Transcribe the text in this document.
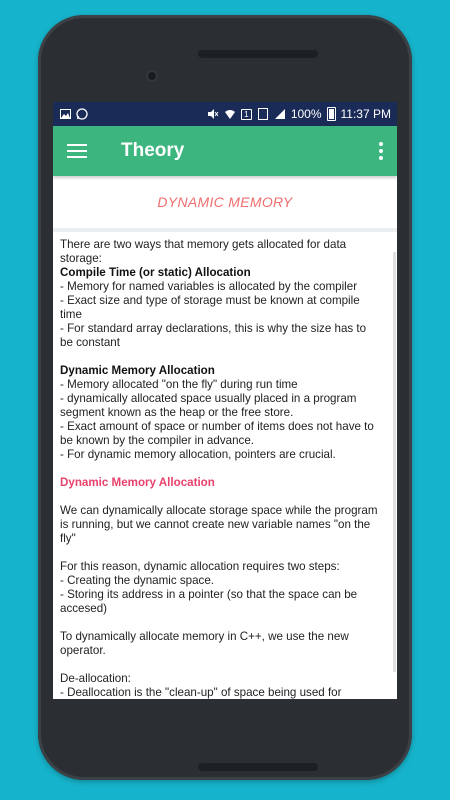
1	100% 11:37 PM
Theory
DYNAMIC MEMORY

There are two ways that memory gets allocated for data storage:

Compile Time (or static) Allocation

- Memory for named variables is allocated by the compiler

- Exact size and type of storage must be known at compile time

- For standard array declarations, this is why the size has to be constant

Dynamic Memory Allocation

- Memory allocated "on the fly" during run time

- dynamically allocated space usually placed in a program segment known as the heap or the free store.

- Exact amount of space or number of items does not have to be known by the compiler in advance.

- For dynamic memory allocation, pointers are crucial.

Dynamic Memory Allocation

We can dynamically allocate storage space while the program is running, but we cannot create new variable names "on the fly"

For this reason, dynamic allocation requires two steps:

- Creating the dynamic space.

- Storing its address in a pointer (so that the space can be accesed)

To dynamically allocate memory in C++, we use the new operator.

De-allocation:

- Deallocation is the "clean-up" of space being used for
